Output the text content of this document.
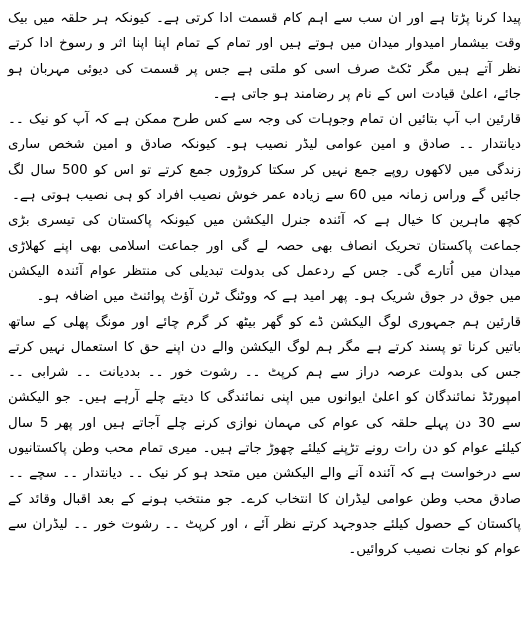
پیدا کرنا پڑتا ہے اور ان سب سے اہم کام قسمت ادا کرتی ہے۔ کیونکہ ہر حلقہ میں بیک وقت بیشمار امیدوار میدان میں ہوتے ہیں اور تمام کے تمام اپنا اپنا اثر و رسوخ ادا کرتے نظر آتے ہیں مگر ٹکٹ صرف اسی کو ملتی ہے جس پر قسمت کی دیوئی مہربان ہو جائے، اعلیٰ قیادت اس کے نام پر رضامند ہو جاتی ہے۔

قارئین اب آپ بتائیں ان تمام وجوہات کی وجہ سے کس طرح ممکن ہے کہ آپ کو نیک ۔۔ دیانتدار ۔۔ صادق و امین عوامی لیڈر نصیب ہو۔ کیونکہ صادق و امین شخص ساری زندگی میں لاکھوں روپے جمع نہیں کر سکتا کروڑوں جمع کرتے تو اس کو 500 سال لگ جائیں گے وراس زمانہ میں 60 سے زیادہ عمر خوش نصیب افراد کو ہی نصیب ہوتی ہے۔

کچھ ماہرین کا خیال ہے کہ آئندہ جنرل الیکشن میں کیونکہ پاکستان کی تیسری بڑی جماعت پاکستان تحریک انصاف بھی حصہ لے گی اور جماعت اسلامی بھی اپنے کھلاڑی میدان میں اُتارے گی۔ جس کے ردعمل کی بدولت تبدیلی کی منتظر عوام آئندہ الیکشن میں جوق در جوق شریک ہو۔ پھر امید ہے کہ ووٹنگ ٹرن آؤٹ پوائنٹ میں اضافہ ہو۔

قارئین ہم جمہوری لوگ الیکشن ڈے کو گھر بیٹھ کر گرم چائے اور مونگ پھلی کے ساتھ باتیں کرنا تو پسند کرتے ہے مگر ہم لوگ الیکشن والے دن اپنے حق کا استعمال نہیں کرتے جس کی بدولت عرصہ دراز سے ہم کرپٹ ۔۔ رشوت خور ۔۔ بددیانت ۔۔ شرابی ۔۔ امپورٹڈ نمائندگان کو اعلیٰ ایوانوں میں اپنی نمائندگی کا دیتے چلے آرہے ہیں۔ جو الیکشن سے 30 دن پہلے حلقہ کی عوام کی مہمان نوازی کرنے چلے آجاتے ہیں اور پھر 5 سال کیلئے عوام کو دن رات رونے تڑپنے کیلئے چھوڑ جاتے ہیں۔ میری تمام محب وطن پاکستانیوں سے درخواست ہے کہ آئندہ آنے والے الیکشن میں متحد ہو کر نیک ۔۔ دیانتدار ۔۔ سچے ۔۔ صادق محب وطن عوامی لیڈران کا انتخاب کرے۔ جو منتخب ہونے کے بعد اقبال وقائد کے پاکستان کے حصول کیلئے جدوجہد کرتے نظر آئے ، اور کرپٹ ۔۔ رشوت خور ۔۔ لیڈران سے عوام کو نجات نصیب کروائیں۔
